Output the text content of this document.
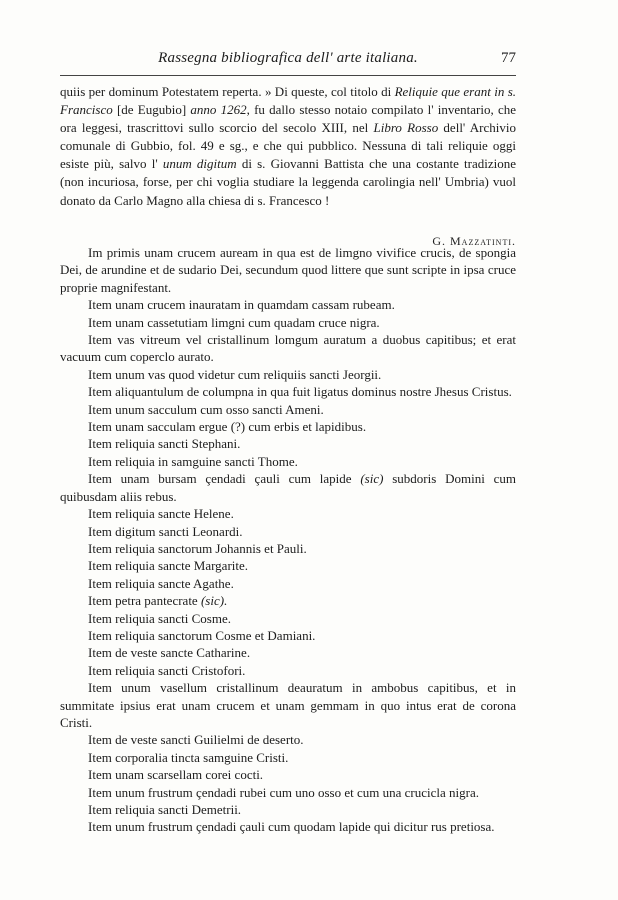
Rassegna bibliografica dell' arte italiana.	77

quiis per dominum Potestatem reperta. » Di queste, col titolo di Reliquie que erant in s. Francisco [de Eugubio] anno 1262, fu dallo stesso notaio compilato l' inventario, che ora leggesi, trascrittovi sullo scorcio del secolo XIII, nel Libro Rosso dell' Archivio comunale di Gubbio, fol. 49 e sg., e che qui pubblico. Nessuna di tali reliquie oggi esiste più, salvo l' unum digitum di s. Giovanni Battista che una costante tradizione (non incuriosa, forse, per chi voglia studiare la leggenda carolingia nell' Umbria) vuol donato da Carlo Magno alla chiesa di s. Francesco !

G. Mazzatinti.

Im primis unam crucem auream in qua est de limgno vivifice crucis, de spongia Dei, de arundine et de sudario Dei, secundum quod littere que sunt scripte in ipsa cruce proprie magnifestant.

Item unam crucem inauratam in quamdam cassam rubeam.

Item unam cassetutiam limgni cum quadam cruce nigra.

Item vas vitreum vel cristallinum lomgum auratum a duobus capitibus; et erat vacuum cum coperclo aurato.

Item unum vas quod videtur cum reliquiis sancti Jeorgii.

Item aliquantulum de columpna in qua fuit ligatus dominus nostre Jhesus Cristus.

Item unum sacculum cum osso sancti Ameni.

Item unam sacculam ergue (?) cum erbis et lapidibus.

Item reliquia sancti Stephani.

Item reliquia in samguine sancti Thome.

Item unam bursam çendadi çauli cum lapide (sic) subdoris Domini cum quibusdam aliis rebus.

Item reliquia sancte Helene.

Item digitum sancti Leonardi.

Item reliquia sanctorum Johannis et Pauli.

Item reliquia sancte Margarite.

Item reliquia sancte Agathe.

Item petra pantecrate (sic).

Item reliquia sancti Cosme.

Item reliquia sanctorum Cosme et Damiani.

Item de veste sancte Catharine.

Item reliquia sancti Cristofori.

Item unum vasellum cristallinum deauratum in ambobus capitibus, et in summitate ipsius erat unam crucem et unam gemmam in quo intus erat de corona Cristi.

Item de veste sancti Guilielmi de deserto.

Item corporalia tincta samguine Cristi.

Item unam scarsellam corei cocti.

Item unum frustrum çendadi rubei cum uno osso et cum una crucicla nigra.

Item reliquia sancti Demetrii.

Item unum frustrum çendadi çauli cum quodam lapide qui dicitur rus pretiosa.
